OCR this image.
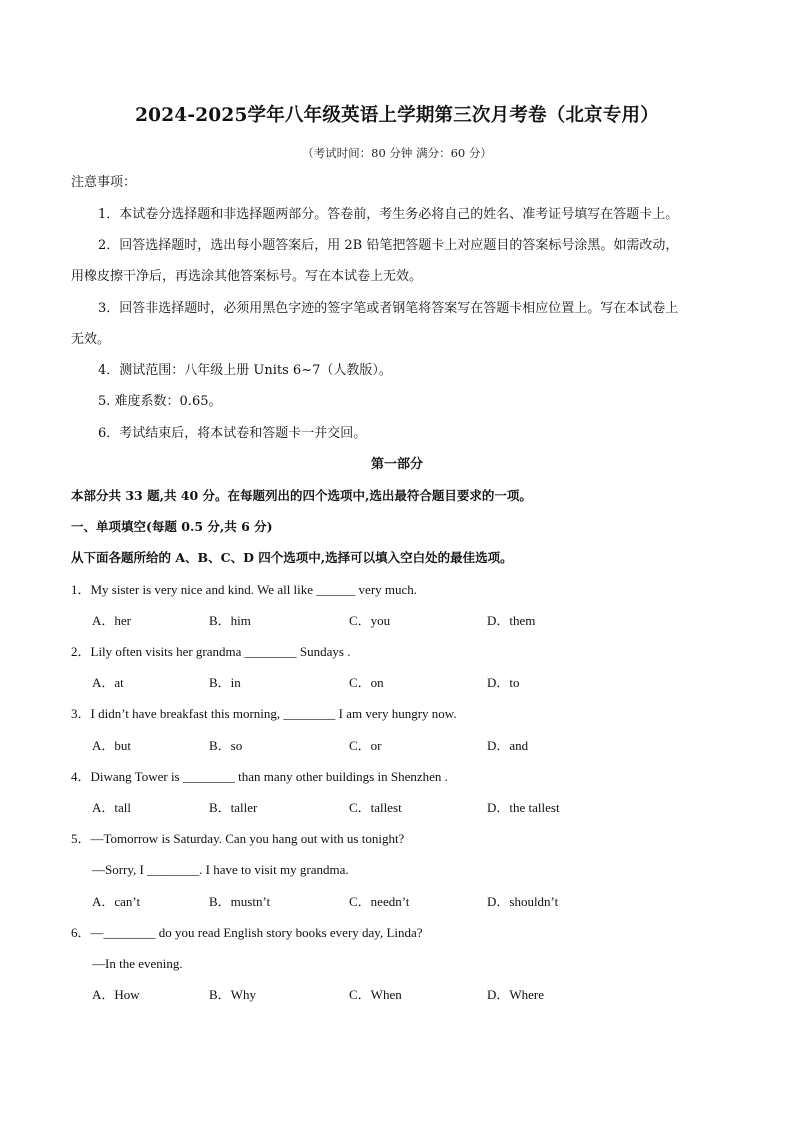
2024-2025学年八年级英语上学期第三次月考卷（北京专用）
（考试时间：80 分钟 满分：60 分）
注意事项：
1．本试卷分选择题和非选择题两部分。答卷前，考生务必将自己的姓名、准考证号填写在答题卡上。
2．回答选择题时，选出每小题答案后，用 2B 铅笔把答题卡上对应题目的答案标号涂黑。如需改动，
用橡皮擦干净后，再选涂其他答案标号。写在本试卷上无效。
3．回答非选择题时，必须用黑色字迹的签字笔或者钢笔将答案写在答题卡相应位置上。写在本试卷上
无效。
4．测试范围：八年级上册 Units 6~7（人教版）。
5. 难度系数：0.65。
6．考试结束后，将本试卷和答题卡一并交回。
第一部分
本部分共 33 题,共 40 分。在每题列出的四个选项中,选出最符合题目要求的一项。
一、单项填空(每题 0.5 分,共 6 分)
从下面各题所给的 A、B、C、D 四个选项中,选择可以填入空白处的最佳选项。
1．My sister is very nice and kind. We all like ______ very much.
A．her	B．him	C．you	D．them
2．Lily often visits her grandma ________ Sundays .
A．at	B．in	C．on	D．to
3．I didn’t have breakfast this morning, ________ I am very hungry now.
A．but	B．so	C．or	D．and
4．Diwang Tower is ________ than many other buildings in Shenzhen .
A．tall	B．taller	C．tallest	D．the tallest
5．—Tomorrow is Saturday. Can you hang out with us tonight?
—Sorry, I ________. I have to visit my grandma.
A．can’t	B．mustn’t	C．needn’t	D．shouldn’t
6．—________ do you read English story books every day, Linda?
—In the evening.
A．How	B．Why	C．When	D．Where
